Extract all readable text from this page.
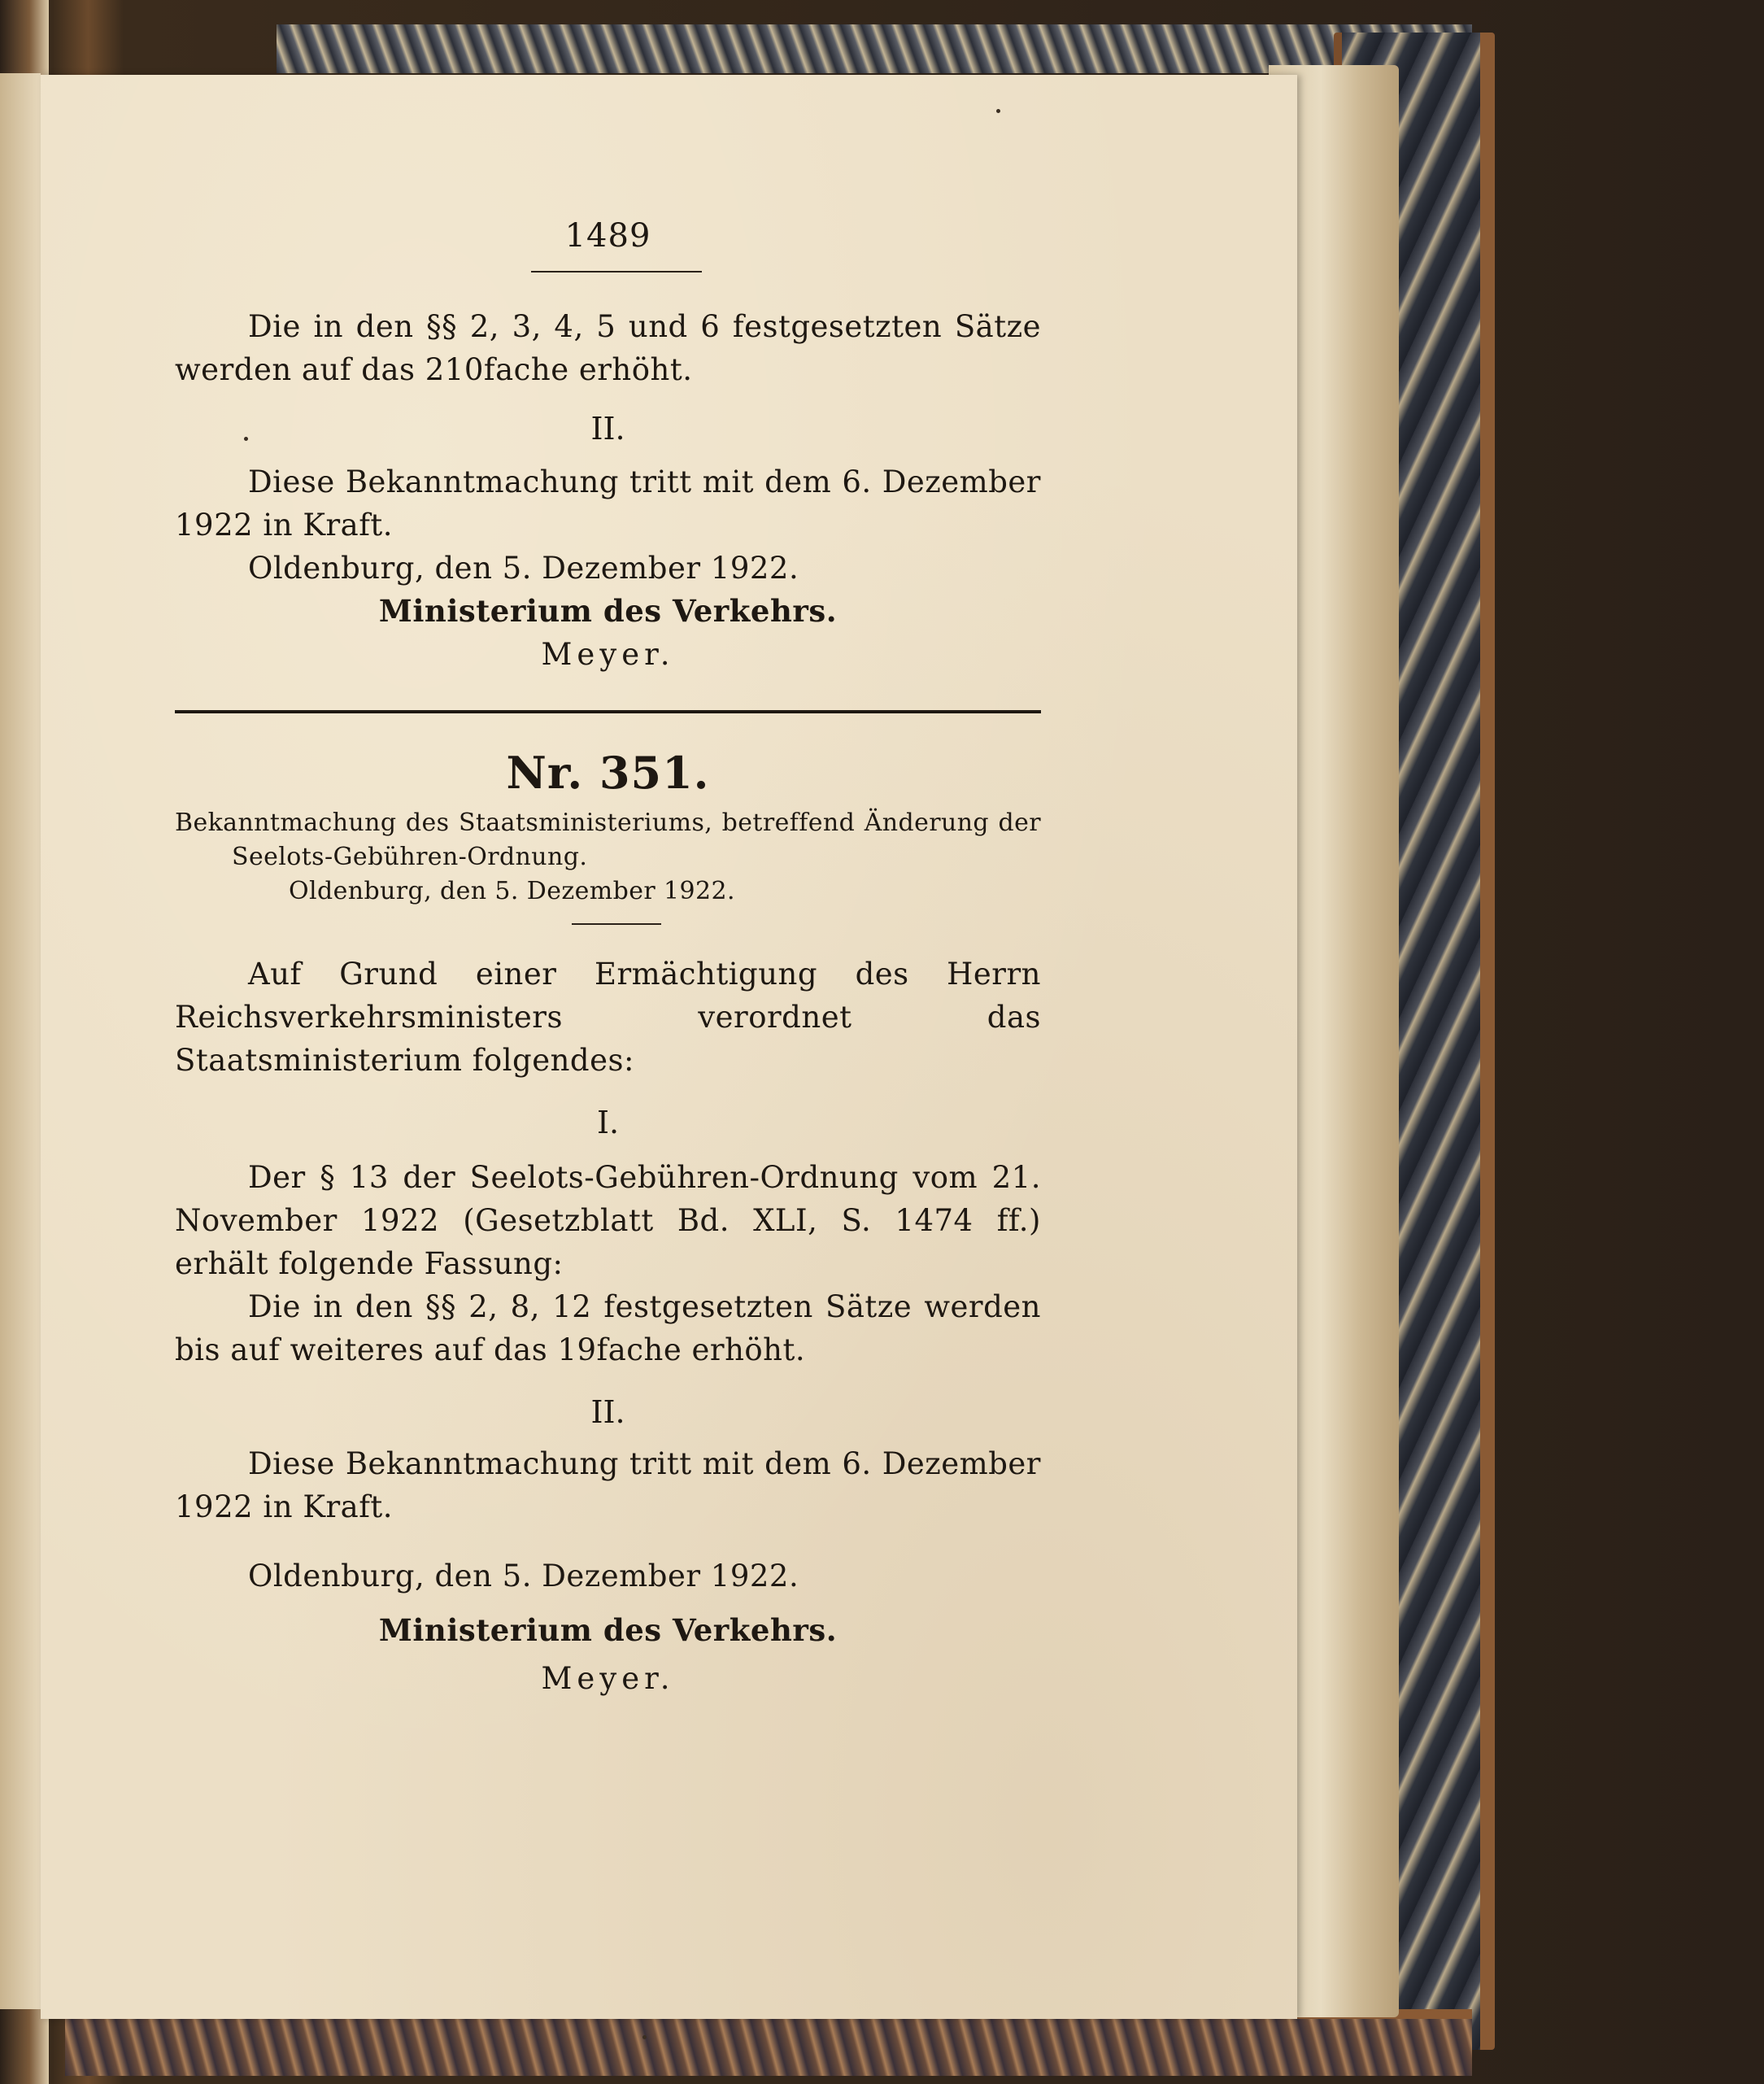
1489

Die in den §§ 2, 3, 4, 5 und 6 festgesetzten Sätze werden auf das 210fache erhöht.

II.

Diese Bekanntmachung tritt mit dem 6. Dezember 1922 in Kraft.

Oldenburg, den 5. Dezember 1922.

Ministerium des Verkehrs.

Meyer.

Nr. 351.

Bekanntmachung des Staatsministeriums, betreffend Änderung der

Seelots-Gebühren-Ordnung.

Oldenburg, den 5. Dezember 1922.

Auf Grund einer Ermächtigung des Herrn Reichsverkehrsministers verordnet das Staatsministerium folgendes:

I.

Der § 13 der Seelots-Gebühren-Ordnung vom 21. November 1922 (Gesetzblatt Bd. XLI, S. 1474 ff.) erhält folgende Fassung:

Die in den §§ 2, 8, 12 festgesetzten Sätze werden bis auf weiteres auf das 19fache erhöht.

II.

Diese Bekanntmachung tritt mit dem 6. Dezember 1922 in Kraft.

Oldenburg, den 5. Dezember 1922.

Ministerium des Verkehrs.

Meyer.
